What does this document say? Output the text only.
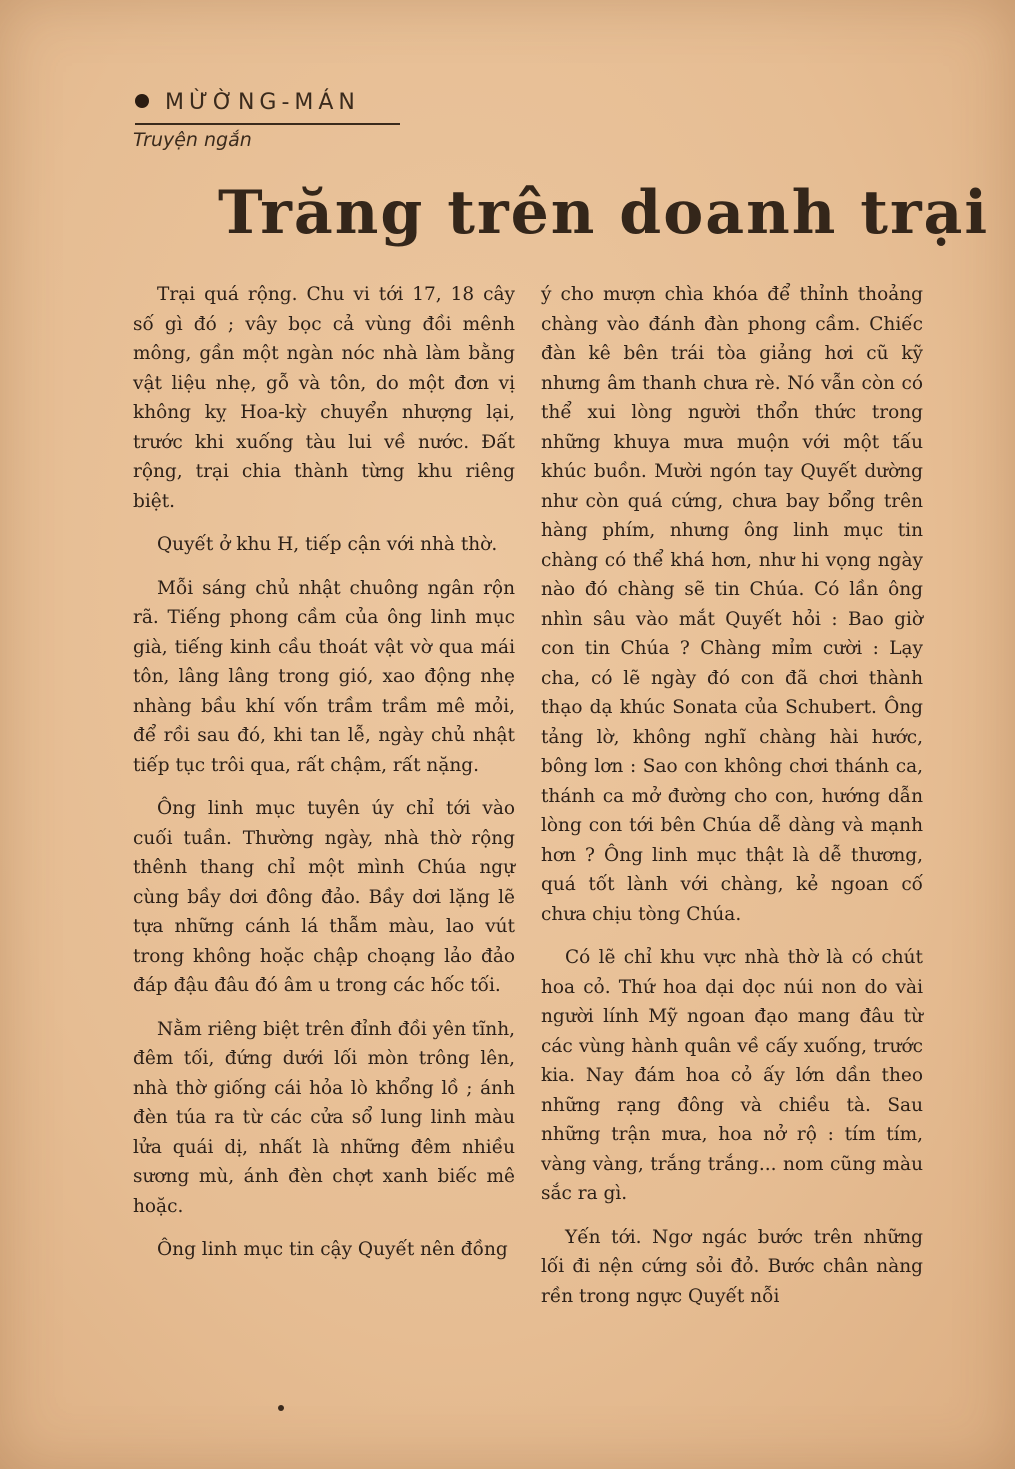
MỪỜNG-MÁN
Truyện ngắn
Trăng trên doanh trại

Trại quá rộng. Chu vi tới 17, 18 cây số gì đó ; vây bọc cả vùng đồi mênh mông, gần một ngàn nóc nhà làm bằng vật liệu nhẹ, gỗ và tôn, do một đơn vị không kỵ Hoa-kỳ chuyển nhượng lại, trước khi xuống tàu lui về nước. Đất rộng, trại chia thành từng khu riêng biệt.

Quyết ở khu H, tiếp cận với nhà thờ.

Mỗi sáng chủ nhật chuông ngân rộn rã. Tiếng phong cầm của ông linh mục già, tiếng kinh cầu thoát vật vờ qua mái tôn, lâng lâng trong gió, xao động nhẹ nhàng bầu khí vốn trầm trầm mê mỏi, để rồi sau đó, khi tan lễ, ngày chủ nhật tiếp tục trôi qua, rất chậm, rất nặng.

Ông linh mục tuyên úy chỉ tới vào cuối tuần. Thường ngày, nhà thờ rộng thênh thang chỉ một mình Chúa ngự cùng bầy dơi đông đảo. Bầy dơi lặng lẽ tựa những cánh lá thẫm màu, lao vút trong không hoặc chập choạng lảo đảo đáp đậu đâu đó âm u trong các hốc tối.

Nằm riêng biệt trên đỉnh đồi yên tĩnh, đêm tối, đứng dưới lối mòn trông lên, nhà thờ giống cái hỏa lò khổng lồ ; ánh đèn túa ra từ các cửa sổ lung linh màu lửa quái dị, nhất là những đêm nhiều sương mù, ánh đèn chợt xanh biếc mê hoặc.

Ông linh mục tin cậy Quyết nên đồng

ý cho mượn chìa khóa để thỉnh thoảng chàng vào đánh đàn phong cầm. Chiếc đàn kê bên trái tòa giảng hơi cũ kỹ nhưng âm thanh chưa rè. Nó vẫn còn có thể xui lòng người thổn thức trong những khuya mưa muộn với một tấu khúc buồn. Mười ngón tay Quyết dường như còn quá cứng, chưa bay bổng trên hàng phím, nhưng ông linh mục tin chàng có thể khá hơn, như hi vọng ngày nào đó chàng sẽ tin Chúa. Có lần ông nhìn sâu vào mắt Quyết hỏi : Bao giờ con tin Chúa ? Chàng mỉm cười : Lạy cha, có lẽ ngày đó con đã chơi thành thạo dạ khúc Sonata của Schubert. Ông tảng lờ, không nghĩ chàng hài hước, bông lơn : Sao con không chơi thánh ca, thánh ca mở đường cho con, hướng dẫn lòng con tới bên Chúa dễ dàng và mạnh hơn ? Ông linh mục thật là dễ thương, quá tốt lành với chàng, kẻ ngoan cố chưa chịu tòng Chúa.

Có lẽ chỉ khu vực nhà thờ là có chút hoa cỏ. Thứ hoa dại dọc núi non do vài người lính Mỹ ngoan đạo mang đâu từ các vùng hành quân về cấy xuống, trước kia. Nay đám hoa cỏ ấy lớn dần theo những rạng đông và chiều tà. Sau những trận mưa, hoa nở rộ : tím tím, vàng vàng, trắng trắng... nom cũng màu sắc ra gì.

Yến tới. Ngơ ngác bước trên những lối đi nện cứng sỏi đỏ. Bước chân nàng rền trong ngực Quyết nỗi
